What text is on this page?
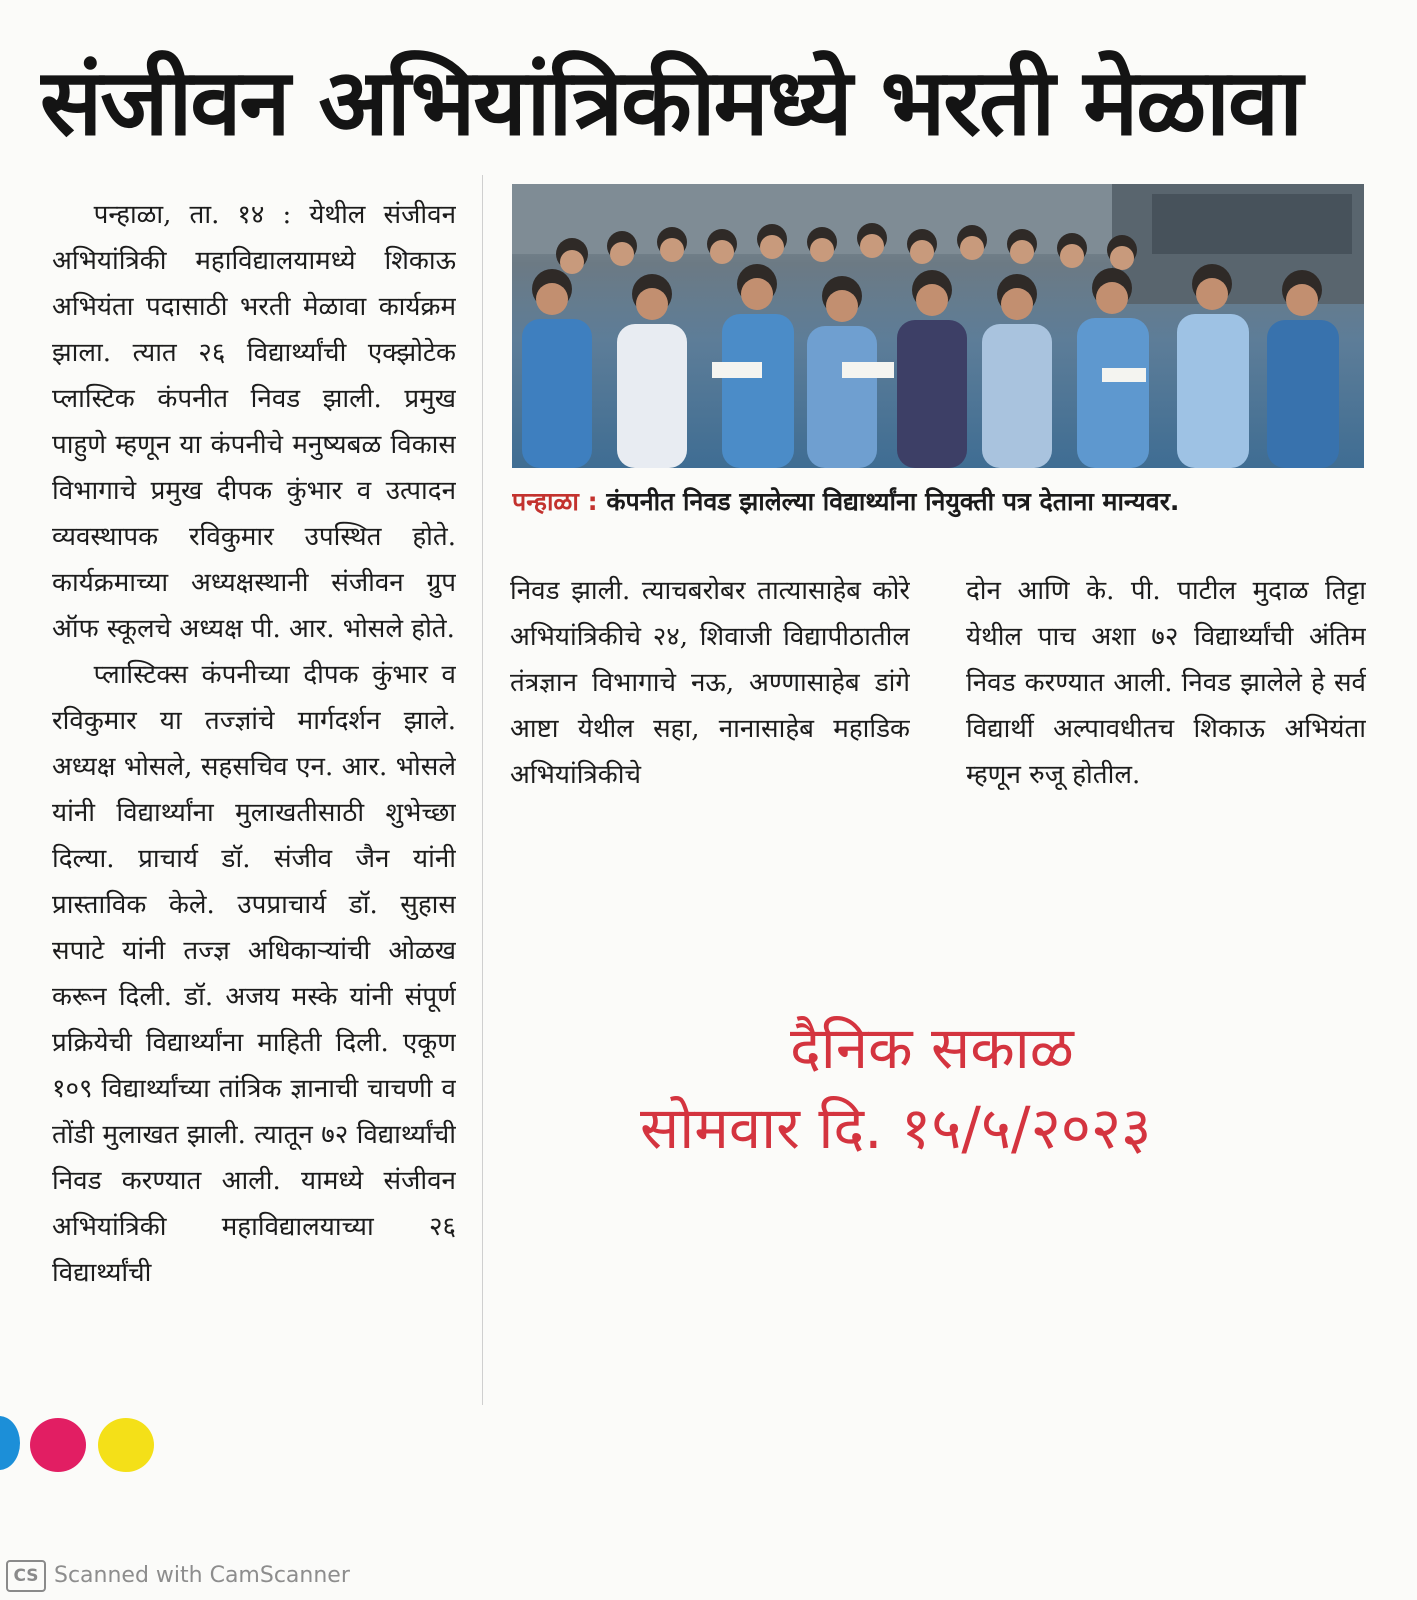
संजीवन अभियांत्रिकीमध्ये भरती मेळावा

पन्हाळा, ता. १४ : येथील संजीवन अभियांत्रिकी महाविद्यालयामध्ये शिकाऊ अभियंता पदासाठी भरती मेळावा कार्यक्रम झाला. त्यात २६ विद्यार्थ्यांची एक्झोटेक प्लास्टिक कंपनीत निवड झाली. प्रमुख पाहुणे म्हणून या कंपनीचे मनुष्यबळ विकास विभागाचे प्रमुख दीपक कुंभार व उत्पादन व्यवस्थापक रविकुमार उपस्थित होते. कार्यक्रमाच्या अध्यक्षस्थानी संजीवन ग्रुप ऑफ स्कूलचे अध्यक्ष पी. आर. भोसले होते.

प्लास्टिक्स कंपनीच्या दीपक कुंभार व रविकुमार या तज्ज्ञांचे मार्गदर्शन झाले. अध्यक्ष भोसले, सहसचिव एन. आर. भोसले यांनी विद्यार्थ्यांना मुलाखतीसाठी शुभेच्छा दिल्या. प्राचार्य डॉ. संजीव जैन यांनी प्रास्ताविक केले. उपप्राचार्य डॉ. सुहास सपाटे यांनी तज्ज्ञ अधिकाऱ्यांची ओळख करून दिली. डॉ. अजय मस्के यांनी संपूर्ण प्रक्रियेची विद्यार्थ्यांना माहिती दिली. एकूण १०९ विद्यार्थ्यांच्या तांत्रिक ज्ञानाची चाचणी व तोंडी मुलाखत झाली. त्यातून ७२ विद्यार्थ्यांची निवड करण्यात आली. यामध्ये संजीवन अभियांत्रिकी महाविद्यालयाच्या २६ विद्यार्थ्यांची

पन्हाळा : कंपनीत निवड झालेल्या विद्यार्थ्यांना नियुक्ती पत्र देताना मान्यवर.

निवड झाली. त्याचबरोबर तात्यासाहेब कोरे अभियांत्रिकीचे २४, शिवाजी विद्यापीठातील तंत्रज्ञान विभागाचे नऊ, अण्णासाहेब डांगे आष्टा येथील सहा, नानासाहेब महाडिक अभियांत्रिकीचे

दोन आणि के. पी. पाटील मुदाळ तिट्टा येथील पाच अशा ७२ विद्यार्थ्यांची अंतिम निवड करण्यात आली. निवड झालेले हे सर्व विद्यार्थी अल्पावधीतच शिकाऊ अभियंता म्हणून रुजू होतील.

दैनिक सकाळ
सोमवार दि. १५/५/२०२३
CS Scanned with CamScanner
